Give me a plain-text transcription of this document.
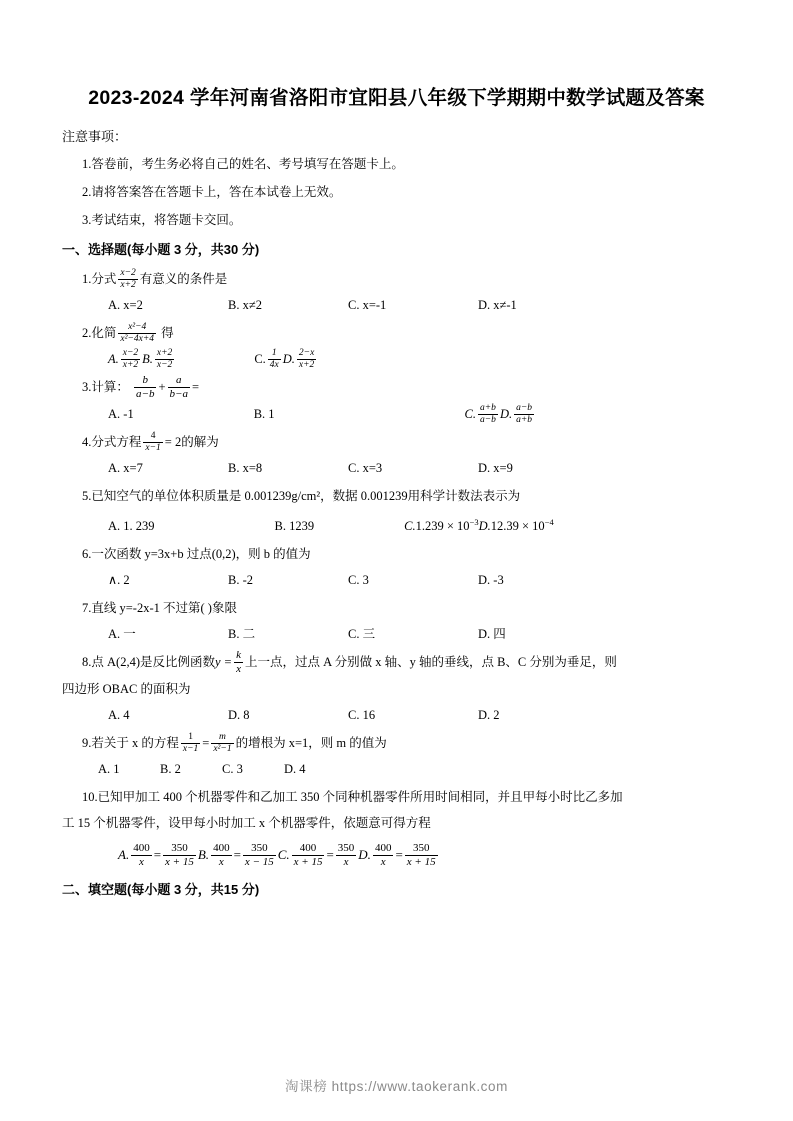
2023-2024 学年河南省洛阳市宜阳县八年级下学期期中数学试题及答案
注意事项：
1.答卷前，考生务必将自己的姓名、考号填写在答题卡上。
2.请将答案答在答题卡上，答在本试卷上无效。
3.考试结束，将答题卡交回。
一、选择题(每小题 3 分，共30 分)

1.分式 $\frac{x-2}{x+2}$ 有意义的条件是

A. x=2	B. x≠2	C. x=-1	D. x≠-1

2.化简 $\frac{\text{x²−4}}{\text{x²−4x+4}}$ 得

A. $\frac{x-2}{x+2} B$. $\frac{x+2}{x-2}$	C. $\frac{1}{4x} D$. $\frac{2-x}{x+2}$

3.计算： $\frac{b}{a-b} + \frac{a}{b-a}$ =

A. -1	B. 1	C. $\frac{a+b}{a-b} D$. $\frac{a-b}{a+b}$

4.分式方程 $\frac{4}{x-1} = 2$的解为

A. x=7	B. x=8	C. x=3	D. x=9

5.已知空气的单位体积质量是 0.001239g/cm²，数据 0.001239用科学计数法表示为

A. 1. 239	B. 1239	$C.1.239 \times 10^{-3}D.12.39 \times 10^{-4}$

6.一次函数 y=3x+b 过点(0,2)，则 b 的值为

∧. 2	B. -2	C. 3	D. -3

7.直线 y=-2x-1 不过第( )象限

A. 一	B. 二	C. 三	D. 四

8.点 A(2,4)是反比例函数$y = \frac{k}{x}$ 上一点，过点 A 分别做 x 轴、y 轴的垂线，点 B、C 分别为垂足，则
四边形 OBAC 的面积为

A. 4	D. 8	C. 16	D. 2

9.若关于 x 的方程 $\frac{1}{x-1} = \frac{m}{\text{x²−1}}$ 的增根为 x=1，则 m 的值为

A. 1	B. 2	C. 3	D. 4

10.已知甲加工 400 个机器零件和乙加工 350 个同种机器零件所用时间相同，并且甲每小时比乙多加
工 15 个机器零件，设甲每小时加工 x 个机器零件，依题意可得方程

A. $\frac{400}{x} = \frac{350}{x + 15} B$. $\frac{400}{x} = \frac{350}{x - 15} C$. $\frac{400}{x + 15} = \frac{350}{x} D$. $\frac{400}{x} = \frac{350}{x + 15}$

二、填空题(每小题 3 分，共15 分)
淘课榜 https://www.taokerank.com
